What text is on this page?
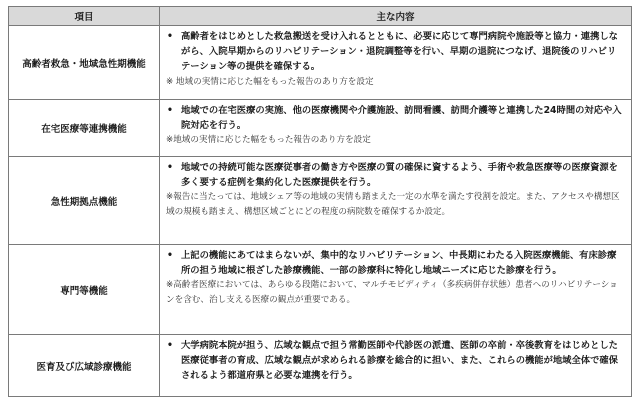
項目	主な内容
高齢者救急・地域急性期機能	• 高齢者をはじめとした救急搬送を受け入れるとともに、必要に応じて専門病院や施設等と協力・連携しながら、入院早期からのリハビリテーション・退院調整等を行い、早期の退院につなげ、退院後のリハビリテーション等の提供を確保する。
※ 地域の実情に応じた幅をもった報告のあり方を設定

在宅医療等連携機能	• 地域での在宅医療の実施、他の医療機関や介護施設、訪問看護、訪問介護等と連携した24時間の対応や入院対応を行う。
※地域の実情に応じた幅をもった報告のあり方を設定

急性期拠点機能	• 地域での持続可能な医療従事者の働き方や医療の質の確保に資するよう、手術や救急医療等の医療資源を多く要する症例を集約化した医療提供を行う。
※報告に当たっては、地域シェア等の地域の実情も踏まえた一定の水準を満たす役割を設定。また、アクセスや構想区域の規模も踏まえ、構想区域ごとにどの程度の病院数を確保するか設定。

専門等機能	• 上記の機能にあてはまらないが、集中的なリハビリテーション、中長期にわたる入院医療機能、有床診療所の担う地域に根ざした診療機能、一部の診療科に特化し地域ニーズに応じた診療を行う。
※高齢者医療においては、あらゆる段階において、マルチモビディティ（多疾病併存状態）患者へのリハビリテーションを含む、治し支える医療の観点が重要である。

医育及び広域診療機能	• 大学病院本院が担う、広域な観点で担う常勤医師や代診医の派遣、医師の卒前・卒後教育をはじめとした医療従事者の育成、広域な観点が求められる診療を総合的に担い、また、これらの機能が地域全体で確保されるよう都道府県と必要な連携を行う。
